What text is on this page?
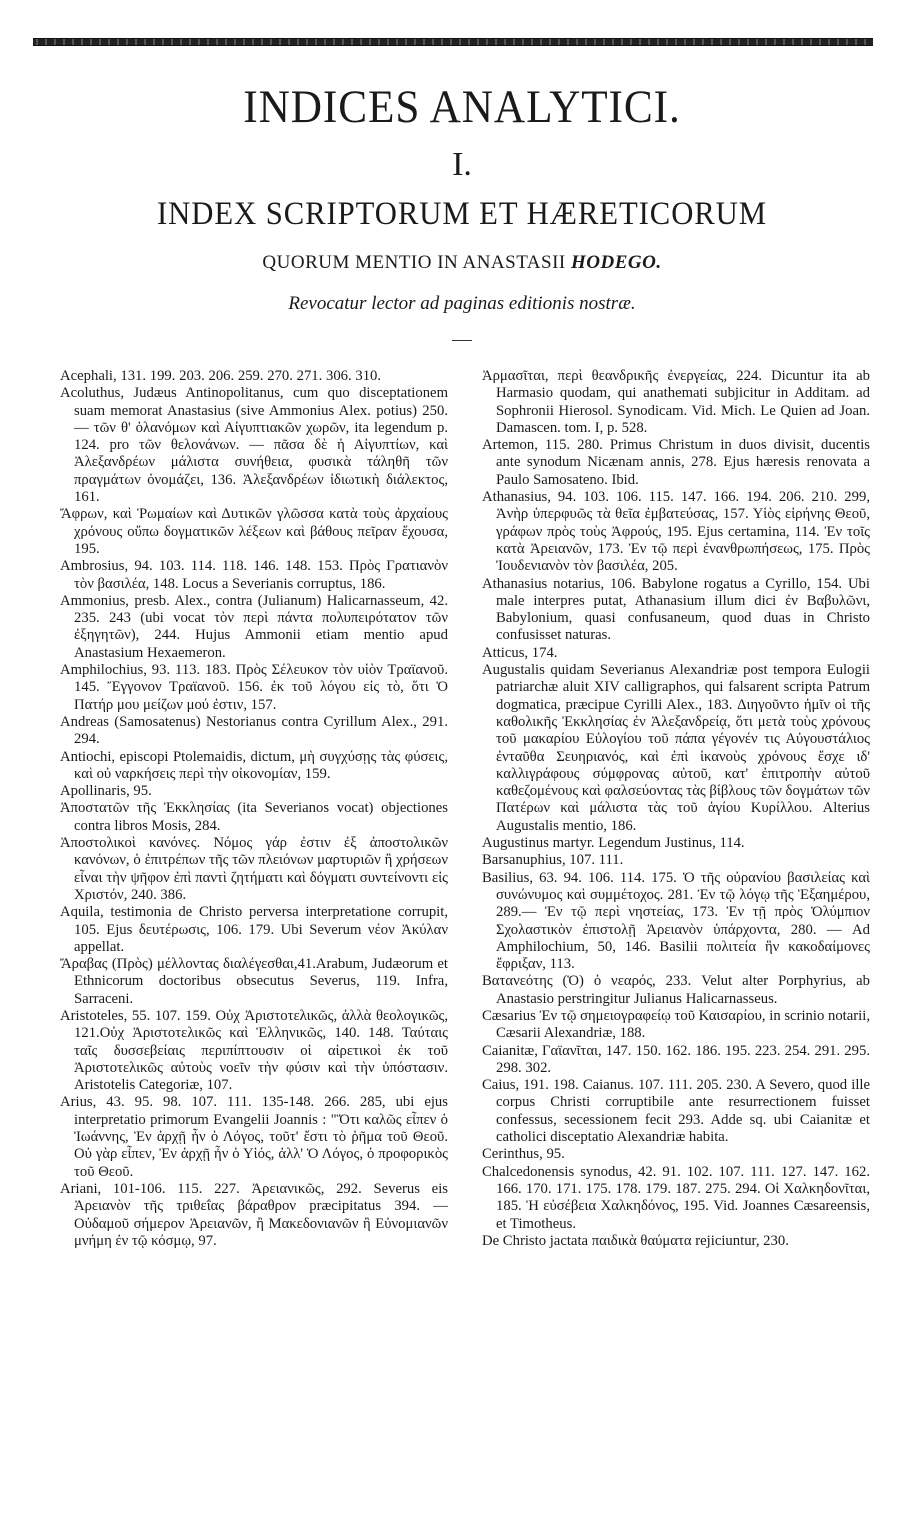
INDICES ANALYTICI.
I.
INDEX SCRIPTORUM ET HÆRETICORUM
QUORUM MENTIO IN ANASTASII HODEGO.
Revocatur lector ad paginas editionis nostræ.

Acephali, 131. 199. 203. 206. 259. 270. 271. 306. 310.

Acoluthus, Judæus Antinopolitanus, cum quo disceptationem suam memorat Anastasius (sive Ammonius Alex. potius) 250. — τῶν θ' ὀλανόμων καὶ Αἰγυπτιακῶν χωρῶν, ita legendum p. 124. pro τῶν θελονάνων. — πᾶσα δὲ ἡ Αἰγυπτίων, καὶ Ἀλεξανδρέων μάλιστα συνήθεια, φυσικὰ τάληθῆ τῶν πραγμάτων ὀνομάζει, 136. Ἀλεξανδρέων ἰδιωτικὴ διάλεκτος, 161.

Ἄφρων, καὶ Ῥωμαίων καὶ Δυτικῶν γλῶσσα κατὰ τοὺς ἀρχαίους χρόνους οὔπω δογματικῶν λέξεων καὶ βάθους πεῖραν ἔχουσα, 195.

Ambrosius, 94. 103. 114. 118. 146. 148. 153. Πρὸς Γρατιανὸν τὸν βασιλέα, 148. Locus a Severianis corruptus, 186.

Ammonius, presb. Alex., contra (Julianum) Halicarnasseum, 42. 235. 243 (ubi vocat τὸν περὶ πάντα πολυπειρότατον τῶν ἐξηγητῶν), 244. Hujus Ammonii etiam mentio apud Anastasium Hexaemeron.

Amphilochius, 93. 113. 183. Πρὸς Σέλευκον τὸν υἱὸν Τραϊανοῦ. 145. Ἔγγονον Τραϊανοῦ. 156. ἐκ τοῦ λόγου εἰς τὸ, ὅτι Ὁ Πατήρ μου μείζων μού ἐστιν, 157.

Andreas (Samosatenus) Nestorianus contra Cyrillum Alex., 291. 294.

Antiochi, episcopi Ptolemaidis, dictum, μὴ συγχύσῃς τὰς φύσεις, καὶ οὐ ναρκήσεις περὶ τὴν οἰκονομίαν, 159.

Apollinaris, 95.

Ἀποστατῶν τῆς Ἐκκλησίας (ita Severianos vocat) objectiones contra libros Mosis, 284.

Ἀποστολικοὶ κανόνες. Νόμος γάρ ἐστιν ἐξ ἀποστολικῶν κανόνων, ὁ ἐπιτρέπων τῆς τῶν πλειόνων μαρτυριῶν ἢ χρήσεων εἶναι τὴν ψῆφον ἐπὶ παντὶ ζητήματι καὶ δόγματι συντείνοντι εἰς Χριστόν, 240. 386.

Aquila, testimonia de Christo perversa interpretatione corrupit, 105. Ejus δευτέρωσις, 106. 179. Ubi Severum νέον Ἀκύλαν appellat.

Ἄραβας (Πρὸς) μέλλοντας διαλέγεσθαι,41.Arabum, Judæorum et Ethnicorum doctoribus obsecutus Severus, 119. Infra, Sarraceni.

Aristoteles, 55. 107. 159. Οὐχ Ἀριστοτελικῶς, ἀλλὰ θεολογικῶς, 121.Οὐχ Ἀριστοτελικῶς καὶ Ἑλληνικῶς, 140. 148. Ταύταις ταῖς δυσσεβείαις περιπίπτουσιν οἱ αἱρετικοὶ ἐκ τοῦ Ἀριστοτελικῶς αὐτοὺς νοεῖν τὴν φύσιν καὶ τὴν ὑπόστασιν. Aristotelis Categoriæ, 107.

Arius, 43. 95. 98. 107. 111. 135-148. 266. 285, ubi ejus interpretatio primorum Evangelii Joannis : "Ὅτι καλῶς εἶπεν ὁ Ἰωάννης, Ἐν ἀρχῇ ἦν ὁ Λόγος, τοῦτ' ἔστι τὸ ῥῆμα τοῦ Θεοῦ. Οὐ γὰρ εἶπεν, Ἐν ἀρχῇ ἦν ὁ Υἱός, ἀλλ' Ὁ Λόγος, ὁ προφορικὸς τοῦ Θεοῦ.

Ariani, 101-106. 115. 227. Ἀρειανικῶς, 292. Severus eis Ἀρειανὸν τῆς τριθεΐας βάραθρον præcipitatus 394. — Οὐδαμοῦ σήμερον Ἀρειανῶν, ἢ Μακεδονιανῶν ἢ Εὐνομιανῶν μνήμη ἐν τῷ κόσμῳ, 97.

Ἀρμασῖται, περὶ θεανδρικῆς ἐνεργείας, 224. Dicuntur ita ab Harmasio quodam, qui anathemati subjicitur in Additam. ad Sophronii Hierosol. Synodicam. Vid. Mich. Le Quien ad Joan. Damascen. tom. I, p. 528.

Artemon, 115. 280. Primus Christum in duos divisit, ducentis ante synodum Nicænam annis, 278. Ejus hæresis renovata a Paulo Samosateno. Ibid.

Athanasius, 94. 103. 106. 115. 147. 166. 194. 206. 210. 299, Ἀνὴρ ὑπερφυῶς τὰ θεῖα ἐμβατεύσας, 157. Υἱὸς εἰρήνης Θεοῦ, γράφων πρὸς τοὺς Ἀφρούς, 195. Ejus certamina, 114. Ἐν τοῖς κατὰ Ἀρειανῶν, 173. Ἐν τῷ περὶ ἐνανθρωπήσεως, 175. Πρὸς Ἰουδενιανὸν τὸν βασιλέα, 205.

Athanasius notarius, 106. Babylone rogatus a Cyrillo, 154. Ubi male interpres putat, Athanasium illum dici ἐν Βαβυλῶνι, Babylonium, quasi confusaneum, quod duas in Christo confusisset naturas.

Atticus, 174.

Augustalis quidam Severianus Alexandriæ post tempora Eulogii patriarchæ aluit XIV calligraphos, qui falsarent scripta Patrum dogmatica, præcipue Cyrilli Alex., 183. Διηγοῦντο ἡμῖν οἱ τῆς καθολικῆς Ἐκκλησίας ἐν Ἀλεξανδρείᾳ, ὅτι μετὰ τοὺς χρόνους τοῦ μακαρίου Εὐλογίου τοῦ πάπα γέγονέν τις Αὐγουστάλιος ἐνταῦθα Σευηριανός, καὶ ἐπὶ ἱκανοὺς χρόνους ἔσχε ιδ' καλλιγράφους σύμφρονας αὐτοῦ, κατ' ἐπιτροπὴν αὐτοῦ καθεζομένους καὶ φαλσεύοντας τὰς βίβλους τῶν δογμάτων τῶν Πατέρων καὶ μάλιστα τὰς τοῦ ἁγίου Κυρίλλου. Alterius Augustalis mentio, 186.

Augustinus martyr. Legendum Justinus, 114.

Barsanuphius, 107. 111.

Basilius, 63. 94. 106. 114. 175. Ὁ τῆς οὐρανίου βασιλείας καὶ συνώνυμος καὶ συμμέτοχος. 281. Ἐν τῷ λόγῳ τῆς Ἑξαημέρου, 289.— Ἐν τῷ περὶ νηστείας, 173. Ἐν τῇ πρὸς Ὀλύμπιον Σχολαστικὸν ἐπιστολῇ Ἀρειανὸν ὑπάρχοντα, 280. — Ad Amphilochium, 50, 146. Basilii πολιτεία ἣν κακοδαίμονες ἔφριξαν, 113.

Βατανεότης (Ὁ) ὁ νεαρός, 233. Velut alter Porphyrius, ab Anastasio perstringitur Julianus Halicarnasseus.

Cæsarius Ἐν τῷ σημειογραφείῳ τοῦ Καισαρίου, in scrinio notarii, Cæsarii Alexandriæ, 188.

Caianitæ, Γαϊανῖται, 147. 150. 162. 186. 195. 223. 254. 291. 295. 298. 302.

Caius, 191. 198. Caianus. 107. 111. 205. 230. A Severo, quod ille corpus Christi corruptibile ante resurrectionem fuisset confessus, secessionem fecit 293. Adde sq. ubi Caianitæ et catholici disceptatio Alexandriæ habita.

Cerinthus, 95.

Chalcedonensis synodus, 42. 91. 102. 107. 111. 127. 147. 162. 166. 170. 171. 175. 178. 179. 187. 275. 294. Οἱ Χαλκηδονῖται, 185. Ἡ εὐσέβεια Χαλκηδόνος, 195. Vid. Joannes Cæsareensis, et Timotheus.

De Christo jactata παιδικὰ θαύματα rejiciuntur, 230.
